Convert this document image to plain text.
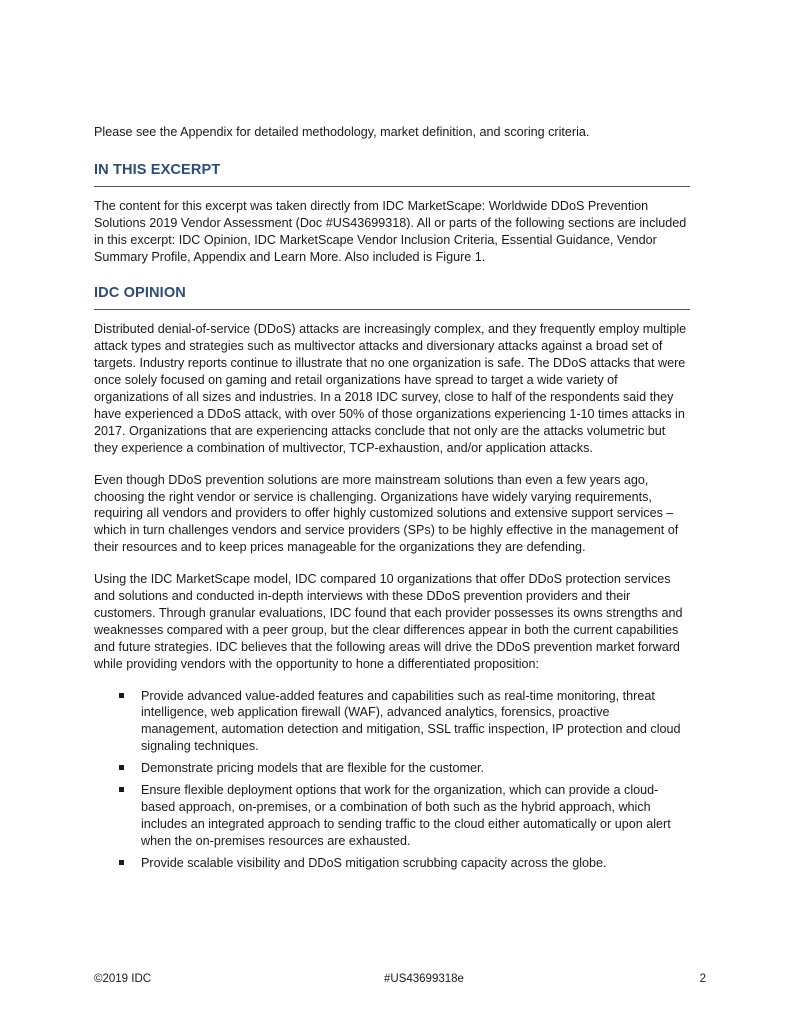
Please see the Appendix for detailed methodology, market definition, and scoring criteria.

IN THIS EXCERPT

The content for this excerpt was taken directly from IDC MarketScape: Worldwide DDoS Prevention Solutions 2019 Vendor Assessment (Doc #US43699318). All or parts of the following sections are included in this excerpt: IDC Opinion, IDC MarketScape Vendor Inclusion Criteria, Essential Guidance, Vendor Summary Profile, Appendix and Learn More. Also included is Figure 1.

IDC OPINION

Distributed denial-of-service (DDoS) attacks are increasingly complex, and they frequently employ multiple attack types and strategies such as multivector attacks and diversionary attacks against a broad set of targets. Industry reports continue to illustrate that no one organization is safe. The DDoS attacks that were once solely focused on gaming and retail organizations have spread to target a wide variety of organizations of all sizes and industries. In a 2018 IDC survey, close to half of the respondents said they have experienced a DDoS attack, with over 50% of those organizations experiencing 1-10 times attacks in 2017. Organizations that are experiencing attacks conclude that not only are the attacks volumetric but they experience a combination of multivector, TCP-exhaustion, and/or application attacks.

Even though DDoS prevention solutions are more mainstream solutions than even a few years ago, choosing the right vendor or service is challenging. Organizations have widely varying requirements, requiring all vendors and providers to offer highly customized solutions and extensive support services – which in turn challenges vendors and service providers (SPs) to be highly effective in the management of their resources and to keep prices manageable for the organizations they are defending.

Using the IDC MarketScape model, IDC compared 10 organizations that offer DDoS protection services and solutions and conducted in-depth interviews with these DDoS prevention providers and their customers. Through granular evaluations, IDC found that each provider possesses its owns strengths and weaknesses compared with a peer group, but the clear differences appear in both the current capabilities and future strategies. IDC believes that the following areas will drive the DDoS prevention market forward while providing vendors with the opportunity to hone a differentiated proposition:

Provide advanced value-added features and capabilities such as real-time monitoring, threat intelligence, web application firewall (WAF), advanced analytics, forensics, proactive management, automation detection and mitigation, SSL traffic inspection, IP protection and cloud signaling techniques.
Demonstrate pricing models that are flexible for the customer.
Ensure flexible deployment options that work for the organization, which can provide a cloud-based approach, on-premises, or a combination of both such as the hybrid approach, which includes an integrated approach to sending traffic to the cloud either automatically or upon alert when the on-premises resources are exhausted.
Provide scalable visibility and DDoS mitigation scrubbing capacity across the globe.
©2019 IDC	#US43699318e	2
